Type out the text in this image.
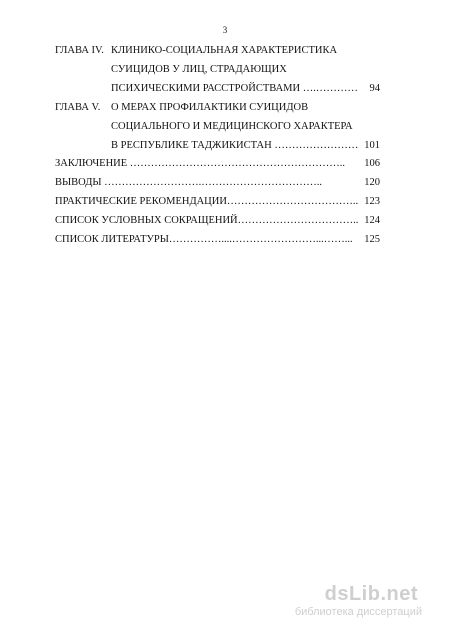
3
ГЛАВА IV. КЛИНИКО-СОЦИАЛЬНАЯ ХАРАКТЕРИСТИКА
СУИЦИДОВ У ЛИЦ, СТРАДАЮЩИХ
ПСИХИЧЕСКИМИ РАССТРОЙСТВАМИ ….………… 94
ГЛАВА V. О МЕРАХ ПРОФИЛАКТИКИ СУИЦИДОВ
СОЦИАЛЬНОГО И МЕДИЦИНСКОГО ХАРАКТЕРА
В РЕСПУБЛИКЕ ТАДЖИКИСТАН …………………… 101
ЗАКЛЮЧЕНИЕ …………………………………………………….. 106
ВЫВОДЫ ……………………….……………………………..	120
ПРАКТИЧЕСКИЕ РЕКОМЕНДАЦИИ……………………………….. 123
СПИСОК УСЛОВНЫХ СОКРАЩЕНИЙ…………………………….. 124
СПИСОК ЛИТЕРАТУРЫ……………....……………………...……... 125
dsLib.net
библиотека диссертаций
